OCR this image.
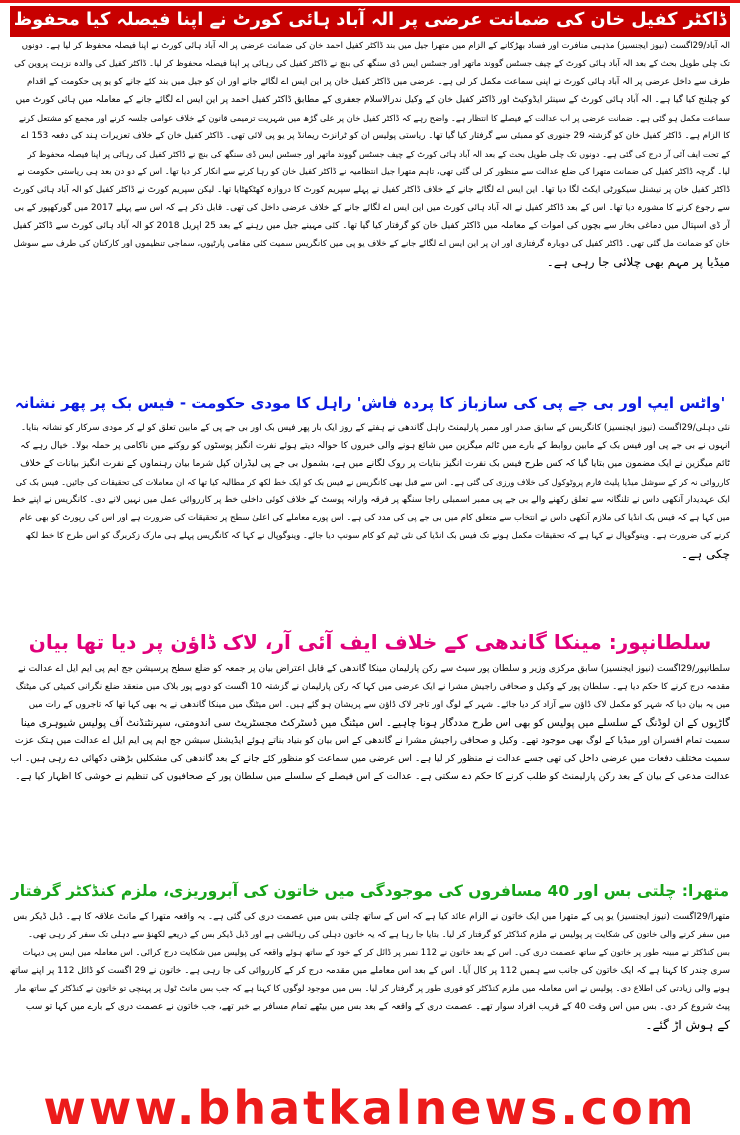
ڈاکٹر کفیل خان کی ضمانت عرضی پر الہ آباد ہائی کورٹ نے اپنا فیصلہ کیا محفوظ

الہ آباد/29اگست (نیوز ایجنسیز) مذہبی منافرت اور فساد بھڑکانے کے الزام میں متھرا جیل میں بند ڈاکٹر کفیل احمد خان کی ضمانت عرضی پر الہ آباد ہائی کورٹ نے اپنا فیصلہ محفوظ کر لیا ہے۔ دونوں

تک چلی طویل بحث کے بعد الہ آباد ہائی کورٹ کے چیف جسٹس گووند ماتھر اور جسٹس ایس ڈی سنگھ کی بنچ نے ڈاکٹر کفیل کی رہائی پر اپنا فیصلہ محفوظ کر لیا۔ ڈاکٹر کفیل کی والدہ نزہت پروین کی

طرف سے داخل عرضی پر الہ آباد ہائی کورٹ نے اپنی سماعت مکمل کر لی ہے۔ عرضی میں ڈاکٹر کفیل خان پر این ایس اے لگائے جانے اور ان کو جیل میں بند کئے جانے کو یو پی حکومت کے اقدام

کو چیلنج کیا گیا ہے۔ الہ آباد ہائی کورٹ کے سینئر ایڈوکیٹ اور ڈاکٹر کفیل خان کے وکیل ندرالاسلام جعفری کے مطابق ڈاکٹر کفیل احمد پر این ایس اے لگائے جانے کے معاملہ میں ہائی کورٹ میں

سماعت مکمل ہو گئی ہے۔ ضمانت عرضی پر اب عدالت کے فیصلے کا انتظار ہے۔ واضح رہے کہ ڈاکٹر کفیل خان پر علی گڑھ میں شہریت ترمیمی قانون کے خلاف عوامی جلسہ کرنے اور مجمع کو مشتعل کرنے

کا الزام ہے۔ ڈاکٹر کفیل خان کو گزشتہ 29 جنوری کو ممبئی سے گرفتار کیا گیا تھا۔ ریاستی پولیس ان کو ٹرانزٹ ریمانڈ پر یو پی لائی تھی۔ ڈاکٹر کفیل خان کے خلاف تعزیرات ہند کی دفعہ 153 اے

کے تحت ایف آئی آر درج کی گئی ہے۔ دونوں تک چلی طویل بحث کے بعد الہ آباد ہائی کورٹ کے چیف جسٹس گووند ماتھر اور جسٹس ایس ڈی سنگھ کی بنچ نے ڈاکٹر کفیل کی رہائی پر اپنا فیصلہ محفوظ کر

لیا۔ گرچہ ڈاکٹر کفیل کی ضمانت متھرا کی ضلع عدالت سے منظور کر لی گئی تھی، تاہم متھرا جیل انتظامیہ نے ڈاکٹر کفیل خان کو رہا کرنے سے انکار کر دیا تھا۔ اس کے دو دن بعد ہی ریاستی حکومت نے

ڈاکٹر کفیل خان پر نیشنل سیکورٹی ایکٹ لگا دیا تھا۔ این ایس اے لگائے جانے کے خلاف ڈاکٹر کفیل نے پہلے سپریم کورٹ کا دروازہ کھٹکھٹایا تھا۔ لیکن سپریم کورٹ نے ڈاکٹر کفیل کو الہ آباد ہائی کورٹ

سے رجوع کرنے کا مشورہ دیا تھا۔ اس کے بعد ڈاکٹر کفیل نے الہ آباد ہائی کورٹ میں این ایس اے لگائے جانے کے خلاف عرضی داخل کی تھی۔ قابل ذکر ہے کہ اس سے پہلے 2017 میں گورکھپور کے بی

آر ڈی اسپتال میں دماغی بخار سے بچوں کی اموات کے معاملہ میں ڈاکٹر کفیل خان کو گرفتار کیا گیا تھا۔ کئی مہینے جیل میں رہنے کے بعد 25 اپریل 2018 کو الہ آباد ہائی کورٹ سے ڈاکٹر کفیل

خان کو ضمانت مل گئی تھی۔ ڈاکٹر کفیل کی دوبارہ گرفتاری اور ان پر این ایس اے لگائے جانے کے خلاف یو پی میں کانگریس سمیت کئی مقامی پارٹیوں، سماجی تنظیموں اور کارکنان کی طرف سے سوشل

میڈیا پر مہم بھی چلائی جا رہی ہے۔

'واٹس ایپ اور بی جے پی کی سازباز کا پردہ فاش' راہل کا مودی حکومت - فیس بک پر پھر نشانہ

نئی دہلی/29اگست (نیوز ایجنسیز) کانگریس کے سابق صدر اور ممبر پارلیمنٹ راہل گاندھی نے ہفتے کے روز ایک بار پھر فیس بک اور بی جے پی کے مابین تعلق کو لے کر مودی سرکار کو نشانہ بنایا۔

انہوں نے بی جے پی اور فیس بک کے مابین روابط کے بارے میں ٹائم میگزین میں شائع ہونے والی خبروں کا حوالہ دیتے ہوئے نفرت انگیز پوسٹوں کو روکنے میں ناکامی پر حملہ بولا۔ خیال رہے کہ

ٹائم میگزین نے ایک مضمون میں بتایا گیا کہ کس طرح فیس بک نفرت انگیز بنایات پر روک لگانے میں ہے، بشمول بی جے پی لیڈران کپل شرما بیان رہنماوں کے نفرت انگیز بیانات کے خلاف

کارروائی نہ کر کے سوشل میڈیا پلیٹ فارم پروٹوکول کی خلاف ورزی کی گئی ہے۔ اس سے قبل بھی کانگریس نے فیس بک کو ایک خط لکھ کر مطالبہ کیا تھا کہ ان معاملات کی تحقیقات کی جائیں۔ فیس بک کی

ایک عہدیدار آنکھی داس نے تلنگانہ سے تعلق رکھنے والے بی جے پی ممبر اسمبلی راجا سنگھ پر فرقہ وارانہ پوسٹ کے خلاف کوئی داخلی خط پر کارروائی عمل میں نہیں لانے دی۔ کانگریس نے اپنے خط

میں کہا ہے کہ فیس بک انڈیا کی ملازم آنکھی داس نے انتخاب سے متعلق کام میں بی جے پی کی مدد کی ہے۔ اس پورے معاملے کی اعلیٰ سطح پر تحقیقات کی ضرورت ہے اور اس کی رپورٹ کو بھی عام

کرنے کی ضرورت ہے۔ وینوگوپال نے کہا ہے کہ تحقیقات مکمل ہونے تک فیس بک انڈیا کی نئی ٹیم کو کام سونپ دیا جائے۔ وینوگوپال نے کہا کہ کانگریس پہلے ہی مارک زکربرگ کو اس طرح کا خط لکھ

چکی ہے۔

سلطانپور: مینکا گاندھی کے خلاف ایف آئی آر، لاک ڈاؤن پر دیا تھا بیان

سلطانپور/29اگست (نیوز ایجنسیز) سابق مرکزی وزیر و سلطان پور سیٹ سے رکن پارلیمان مینکا گاندھی کے قابل اعتراض بیان پر جمعہ کو ضلع سطح پرسیشن جج ایم پی ایم ایل اے عدالت نے

مقدمہ درج کرنے کا حکم دیا ہے۔ سلطان پور کے وکیل و صحافی راجیش مشرا نے ایک عرضی میں کہا کہ رکن پارلیمان نے گزشتہ 10 اگست کو دوبے پور بلاک میں منعقد ضلع نگرانی کمیٹی کی میٹنگ

میں یہ بیان دیا کہ شہر کو مکمل لاک ڈاؤن سے آزاد کر دیا جائے۔ شہر کے لوگ اور تاجر لاک ڈاؤن سے پریشان ہو گئے ہیں۔ اس میٹنگ میں مینکا گاندھی نے یہ بھی کہا تھا کہ تاجروں کے رات میں

گاڑیوں کے ان لوڈنگ کے سلسلے میں پولیس کو بھی اس طرح مددگار ہونا چاہیے۔ اس میٹنگ میں ڈسٹرکٹ مجسٹریٹ سی اندومتی، سپرنٹنڈنٹ آف پولیس شیوہری مینا

سمیت تمام افسران اور میڈیا کے لوگ بھی موجود تھے۔ وکیل و صحافی راجیش مشرا نے گاندھی کے اس بیان کو بنیاد بناتے ہوئے ایڈیشنل سیشن جج ایم پی ایم ایل اے عدالت میں ہتک عزت

سمیت مختلف دفعات میں عرضی داخل کی تھی جسے عدالت نے منظور کر لیا ہے۔ اس عرضی میں سماعت کو منظور کئے جانے کے بعد گاندھی کی مشکلیں بڑھتی دکھائی دے رہی ہیں۔ اب

عدالت مدعی کے بیان کے بعد رکن پارلیمنٹ کو طلب کرنے کا حکم دے سکتی ہے۔ عدالت کے اس فیصلے کے سلسلے میں سلطان پور کے صحافیوں کی تنظیم نے خوشی کا اظہار کیا ہے۔

متھرا: چلتی بس اور 40 مسافروں کی موجودگی میں خاتون کی آبروریزی، ملزم کنڈکٹر گرفتار

متھرا/29اگست (نیوز ایجنسیز) یو پی کے متھرا میں ایک خاتون نے الزام عائد کیا ہے کہ اس کے ساتھ چلتی بس میں عصمت دری کی گئی ہے۔ یہ واقعہ متھرا کے مانٹ علاقہ کا ہے۔ ڈبل ڈیکر بس

میں سفر کرنے والی خاتون کی شکایت پر پولیس نے ملزم کنڈکٹر کو گرفتار کر لیا۔ بتایا جا رہا ہے کہ یہ خاتون دہلی کی رہائشی ہے اور ڈبل ڈیکر بس کے ذریعے لکھنؤ سے دہلی تک سفر کر رہی تھی۔

بس کنڈکٹر نے مبینہ طور پر خاتون کے ساتھ عصمت دری کی۔ اس کے بعد خاتون نے 112 نمبر پر ڈائل کر کے خود کے ساتھ ہوئے واقعہ کی پولیس میں شکایت درج کرائی۔ اس معاملہ میں ایس پی دیہات

سری چندر کا کہنا ہے کہ ایک خاتون کی جانب سے ہمیں 112 پر کال آیا۔ اس کے بعد اس معاملے میں مقدمہ درج کر کے کارروائی کی جا رہی ہے۔ خاتون نے 29 اگست کو ڈائل 112 پر اپنے ساتھ

ہونے والی زیادتی کی اطلاع دی۔ پولیس نے اس معاملہ میں ملزم کنڈکٹر کو فوری طور پر گرفتار کر لیا۔ بس میں موجود لوگوں کا کہنا ہے کہ جب بس مانٹ ٹول پر پہنچی تو خاتون نے کنڈکٹر کے ساتھ مار

پیٹ شروع کر دی۔ بس میں اس وقت 40 کے قریب افراد سوار تھے۔ عصمت دری کے واقعہ کے بعد بس میں بیٹھے تمام مسافر بے خبر تھے، جب خاتون نے عصمت دری کے بارے میں کہا تو سب

کے ہوش اڑ گئے۔

www.bhatkalnews.com
